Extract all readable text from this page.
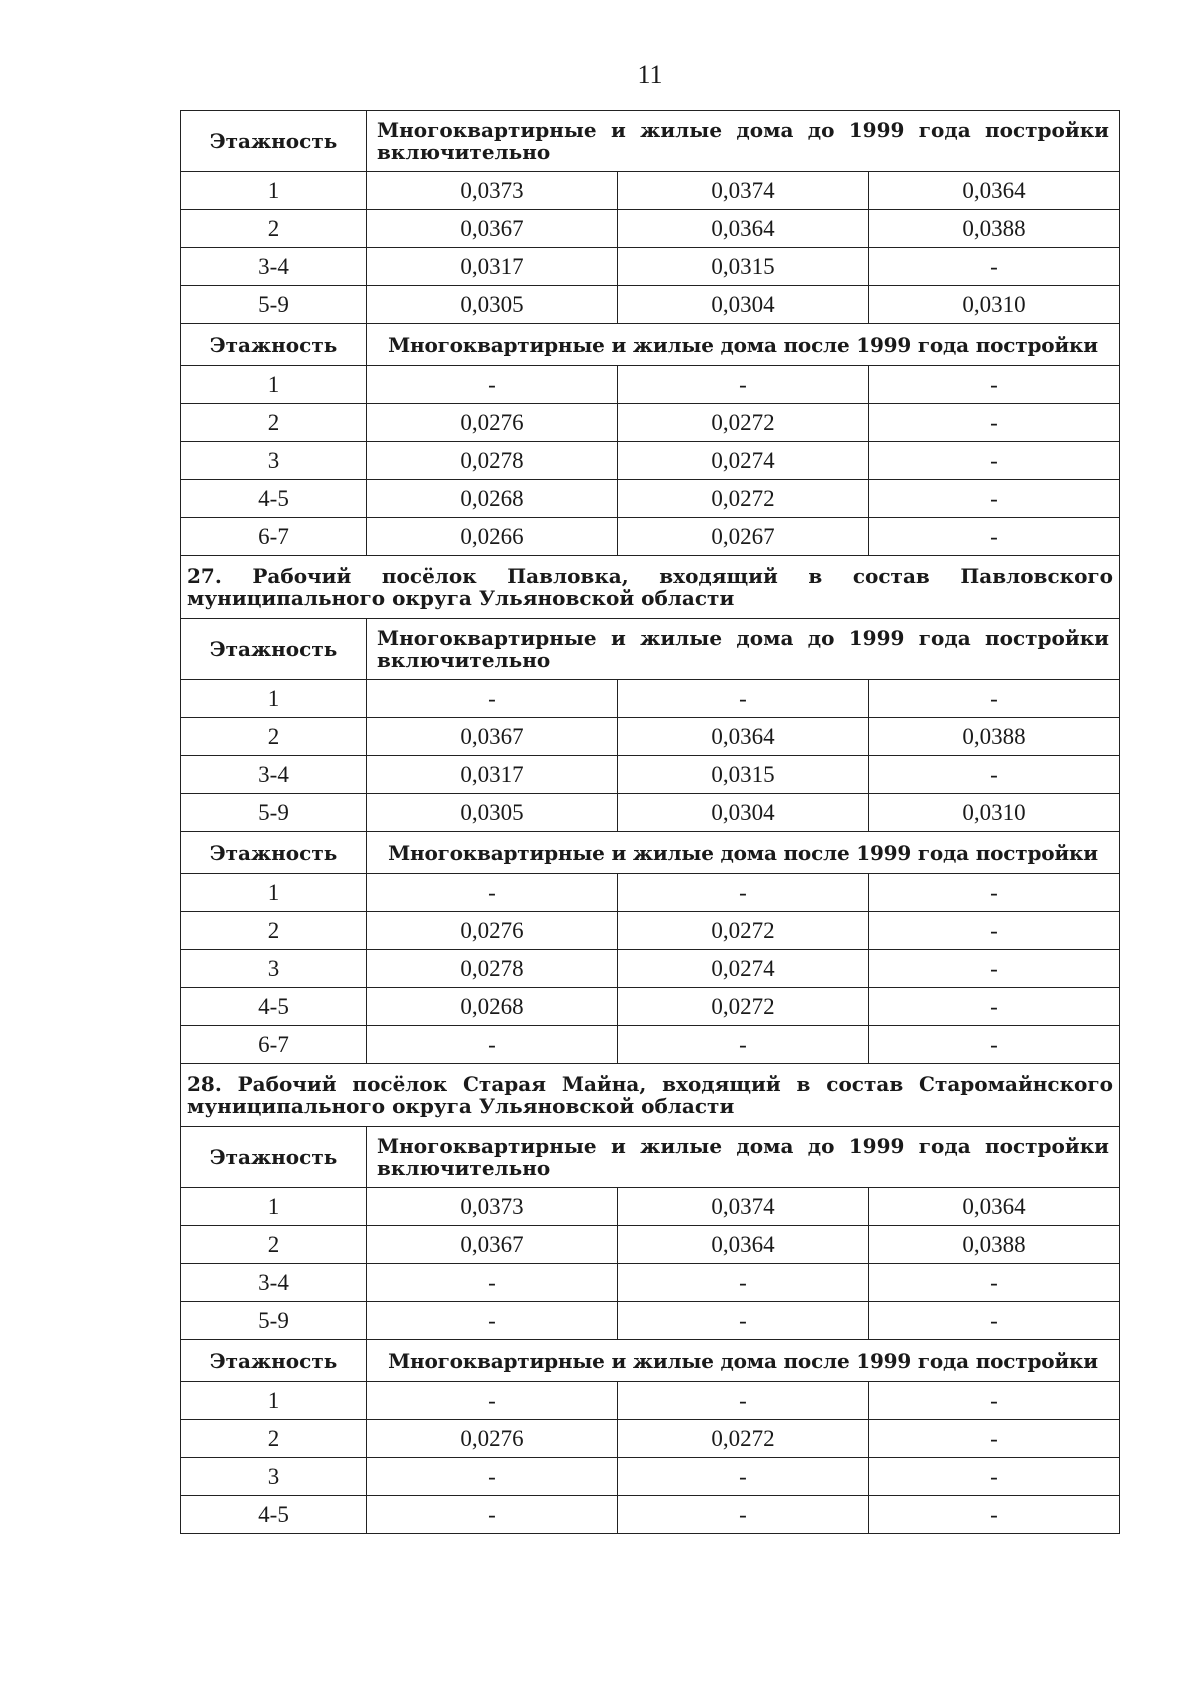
11
Этажность	Многоквартирные и жилые дома до 1999 года постройки включительно		
1	0,0373	0,0374	0,0364
2	0,0367	0,0364	0,0388
3-4	0,0317	0,0315	-
5-9	0,0305	0,0304	0,0310
Этажность	Многоквартирные и жилые дома после 1999 года постройки		
1	-	-	-
2	0,0276	0,0272	-
3	0,0278	0,0274	-
4-5	0,0268	0,0272	-
6-7	0,0266	0,0267	-
27. Рабочий посёлок Павловка, входящий в состав Павловского муниципального округа Ульяновской области			
Этажность	Многоквартирные и жилые дома до 1999 года постройки включительно		
1	-	-	-
2	0,0367	0,0364	0,0388
3-4	0,0317	0,0315	-
5-9	0,0305	0,0304	0,0310
Этажность	Многоквартирные и жилые дома после 1999 года постройки		
1	-	-	-
2	0,0276	0,0272	-
3	0,0278	0,0274	-
4-5	0,0268	0,0272	-
6-7	-	-	-
28. Рабочий посёлок Старая Майна, входящий в состав Старомайнского муниципального округа Ульяновской области			
Этажность	Многоквартирные и жилые дома до 1999 года постройки включительно		
1	0,0373	0,0374	0,0364
2	0,0367	0,0364	0,0388
3-4	-	-	-
5-9	-	-	-
Этажность	Многоквартирные и жилые дома после 1999 года постройки		
1	-	-	-
2	0,0276	0,0272	-
3	-	-	-
4-5	-	-	-
